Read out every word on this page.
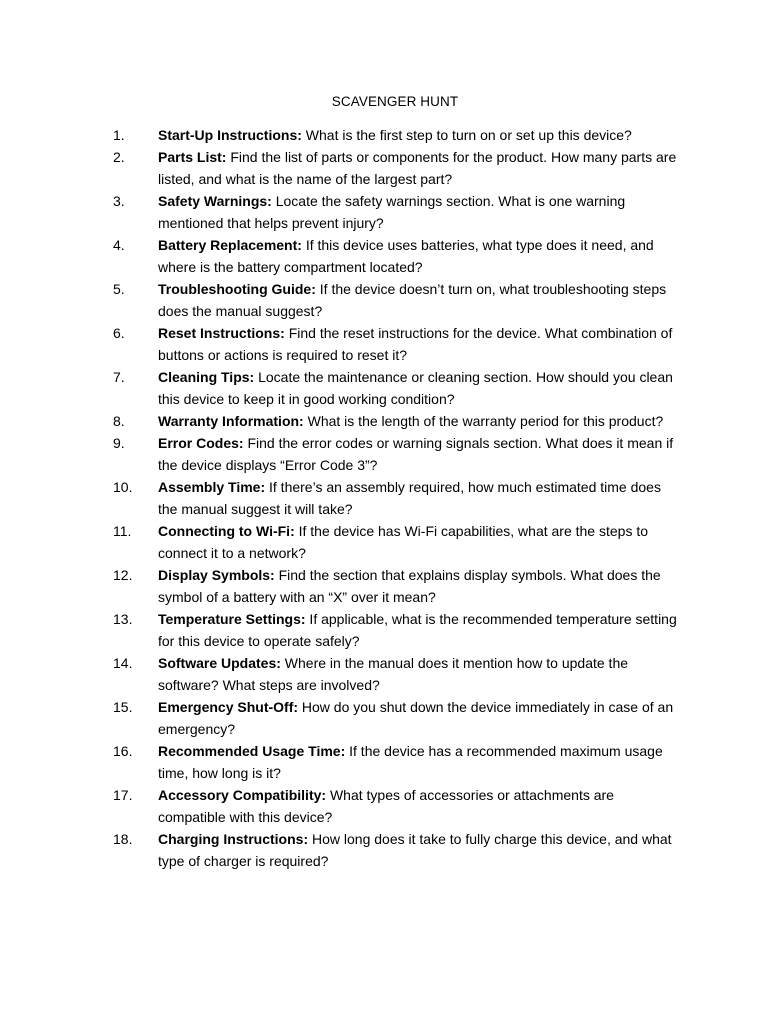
SCAVENGER HUNT
1. Start-Up Instructions: What is the first step to turn on or set up this device?
2. Parts List: Find the list of parts or components for the product. How many parts are listed, and what is the name of the largest part?
3. Safety Warnings: Locate the safety warnings section. What is one warning mentioned that helps prevent injury?
4. Battery Replacement: If this device uses batteries, what type does it need, and where is the battery compartment located?
5. Troubleshooting Guide: If the device doesn’t turn on, what troubleshooting steps does the manual suggest?
6. Reset Instructions: Find the reset instructions for the device. What combination of buttons or actions is required to reset it?
7. Cleaning Tips: Locate the maintenance or cleaning section. How should you clean this device to keep it in good working condition?
8. Warranty Information: What is the length of the warranty period for this product?
9. Error Codes: Find the error codes or warning signals section. What does it mean if the device displays “Error Code 3”?
10. Assembly Time: If there’s an assembly required, how much estimated time does the manual suggest it will take?
11. Connecting to Wi-Fi: If the device has Wi-Fi capabilities, what are the steps to connect it to a network?
12. Display Symbols: Find the section that explains display symbols. What does the symbol of a battery with an “X” over it mean?
13. Temperature Settings: If applicable, what is the recommended temperature setting for this device to operate safely?
14. Software Updates: Where in the manual does it mention how to update the software? What steps are involved?
15. Emergency Shut-Off: How do you shut down the device immediately in case of an emergency?
16. Recommended Usage Time: If the device has a recommended maximum usage time, how long is it?
17. Accessory Compatibility: What types of accessories or attachments are compatible with this device?
18. Charging Instructions: How long does it take to fully charge this device, and what type of charger is required?
